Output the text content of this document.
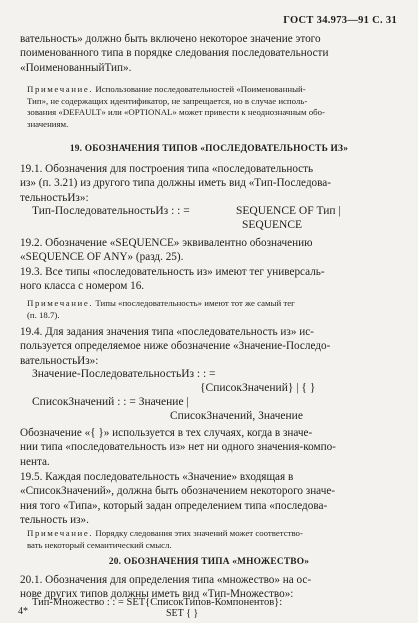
ГОСТ 34.973—91 С. 31
вательность» должно быть включено некоторое значение этого
поименованного типа в порядке следования последовательности
«ПоименованныйТип».
Примечание. Использование последовательностей «Поименованный-
Тип», не содержащих идентификатор, не запрещается, но в случае исполь-
зования «DEFAULT» или «OPTIONAL» может привести к неоднозначным обо-
значениям.
19. ОБОЗНАЧЕНИЯ ТИПОВ «ПОСЛЕДОВАТЕЛЬНОСТЬ ИЗ»
19.1. Обозначения для построения типа «последовательность
из» (п. 3.21) из другого типа должны иметь вид «Тип-Последова-
тельностьИз»:
Тип-ПоследовательностьИз : : =	SEQUENCE OF Тип |
SEQUENCE
19.2. Обозначение «SEQUENCE» эквивалентно обозначению
«SEQUENCE OF ANY» (разд. 25).
19.3. Все типы «последовательность из» имеют тег универсаль-
ного класса с номером 16.
Примечание. Типы «последовательность» имеют тот же самый тег
(п. 18.7).
19.4. Для задания значения типа «последовательность из» ис-
пользуется определяемое ниже обозначение «Значение-Последо-
вательностьИз»:
Значение-ПоследовательностьИз : : =
{СписокЗначений} | { }
СписокЗначений : : = Значение |
СписокЗначений, Значение
Обозначение «{ }» используется в тех случаях, когда в значе-
нии типа «последовательность из» нет ни одного значения-компо-
нента.
19.5. Каждая последовательность «Значение» входящая в
«СписокЗначений», должна быть обозначением некоторого значе-
ния того «Типа», который задан определением типа «последова-
тельность из».
Примечание. Порядку следования этих значений может соответство-
вать некоторый семантический смысл.
20. ОБОЗНАЧЕНИЯ ТИПА «МНОЖЕСТВО»
20.1. Обозначения для определения типа «множество» на ос-
нове других типов должны иметь вид «Тип-Множество»:
Тип-Множество : : = SET{СписокТипов-Компонентов}:
4*	SET { }
